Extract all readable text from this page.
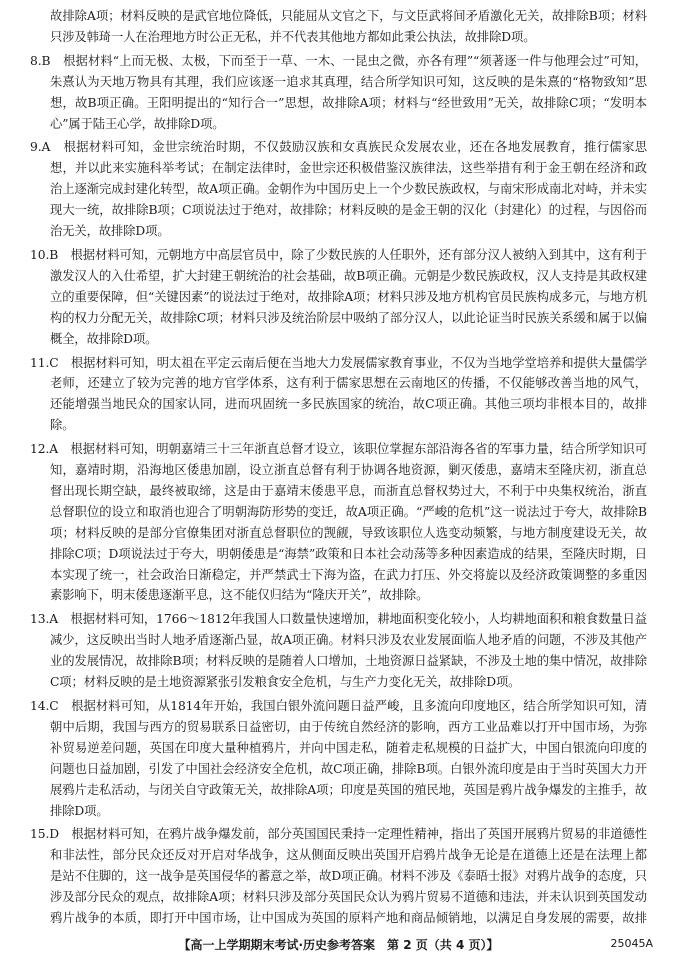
故排除A项；材料反映的是武官地位降低，只能屈从文官之下，与文臣武将间矛盾激化无关，故排除B项；材料只涉及韩琦一人在治理地方时公正无私，并不代表其他地方都如此秉公执法，故排除D项。

8.B　根据材料“上而无极、太极，下而至于一草、一木、一昆虫之微，亦各有理”“须著逐一件与他理会过”可知，朱熹认为天地万物具有其理，我们应该逐一追求其真理，结合所学知识可知，这反映的是朱熹的“格物致知”思想，故B项正确。王阳明提出的“知行合一”思想，故排除A项；材料与“经世致用”无关，故排除C项；“发明本心”属于陆王心学，故排除D项。

9.A　根据材料可知，金世宗统治时期，不仅鼓励汉族和女真族民众发展农业，还在各地发展教育，推行儒家思想，并以此来实施科举考试；在制定法律时，金世宗还积极借鉴汉族律法，这些举措有利于金王朝在经济和政治上逐渐完成封建化转型，故A项正确。金朝作为中国历史上一个少数民族政权，与南宋形成南北对峙，并未实现大一统，故排除B项；C项说法过于绝对，故排除；材料反映的是金王朝的汉化（封建化）的过程，与因俗而治无关，故排除D项。

10.B　根据材料可知，元朝地方中高层官员中，除了少数民族的人任职外，还有部分汉人被纳入到其中，这有利于激发汉人的入仕希望，扩大封建王朝统治的社会基础，故B项正确。元朝是少数民族政权，汉人支持是其政权建立的重要保障，但“关键因素”的说法过于绝对，故排除A项；材料只涉及地方机构官员民族构成多元，与地方机构的权力分配无关，故排除C项；材料只涉及统治阶层中吸纳了部分汉人，以此论证当时民族关系缓和属于以偏概全，故排除D项。

11.C　根据材料可知，明太祖在平定云南后便在当地大力发展儒家教育事业，不仅为当地学堂培养和提供大量儒学老师，还建立了较为完善的地方官学体系，这有利于儒家思想在云南地区的传播，不仅能够改善当地的风气，还能增强当地民众的国家认同，进而巩固统一多民族国家的统治，故C项正确。其他三项均非根本目的，故排除。

12.A　根据材料可知，明朝嘉靖三十三年浙直总督才设立，该职位掌握东部沿海各省的军事力量，结合所学知识可知，嘉靖时期，沿海地区倭患加剧，设立浙直总督有利于协调各地资源，剿灭倭患，嘉靖末至隆庆初，浙直总督出现长期空缺，最终被取缔，这是由于嘉靖末倭患平息，而浙直总督权势过大，不利于中央集权统治，浙直总督职位的设立和取消也迎合了明朝海防形势的变迁，故A项正确。“严峻的危机”这一说法过于夸大，故排除B项；材料反映的是部分官僚集团对浙直总督职位的觊觎，导致该职位人选变动频繁，与地方制度建设无关，故排除C项；D项说法过于夸大，明朝倭患是“海禁”政策和日本社会动荡等多种因素造成的结果，至隆庆时期，日本实现了统一，社会政治日渐稳定，并严禁武士下海为盗，在武力打压、外交将旋以及经济政策调整的多重因素影响下，明末倭患逐渐平息，这不能仅归结为“隆庆开关”，故排除。

13.A　根据材料可知，1766～1812年我国人口数量快速增加，耕地面积变化较小，人均耕地面积和粮食数量日益减少，这反映出当时人地矛盾逐渐凸显，故A项正确。材料只涉及农业发展面临人地矛盾的问题，不涉及其他产业的发展情况，故排除B项；材料反映的是随着人口增加，土地资源日益紧缺，不涉及土地的集中情况，故排除C项；材料反映的是土地资源紧张引发粮食安全危机，与生产力变化无关，故排除D项。

14.C　根据材料可知，从1814年开始，我国白银外流问题日益严峻，且多流向印度地区，结合所学知识可知，清朝中后期，我国与西方的贸易联系日益密切，由于传统自然经济的影响，西方工业品难以打开中国市场，为弥补贸易逆差问题，英国在印度大量种植鸦片，并向中国走私，随着走私规模的日益扩大，中国白银流向印度的问题也日益加剧，引发了中国社会经济安全危机，故C项正确，排除B项。白银外流印度是由于当时英国大力开展鸦片走私活动，与闭关自守政策无关，故排除A项；印度是英国的殖民地，英国是鸦片战争爆发的主推手，故排除D项。

15.D　根据材料可知，在鸦片战争爆发前，部分英国国民秉持一定理性精神，指出了英国开展鸦片贸易的非道德性和非法性，部分民众还反对开启对华战争，这从侧面反映出英国开启鸦片战争无论是在道德上还是在法理上都是站不住脚的，这一战争是英国侵华的蓄意之举，故D项正确。材料不涉及《泰晤士报》对鸦片战争的态度，只涉及部分民众的观点，故排除A项；材料只涉及部分英国民众认为鸦片贸易不道德和违法，并未认识到英国发动鸦片战争的本质，即打开中国市场，让中国成为英国的原料产地和商品倾销地，以满足自身发展的需要，故排

【高一上学期期末考试·历史参考答案　第 2 页（共 4 页）】	25045A
